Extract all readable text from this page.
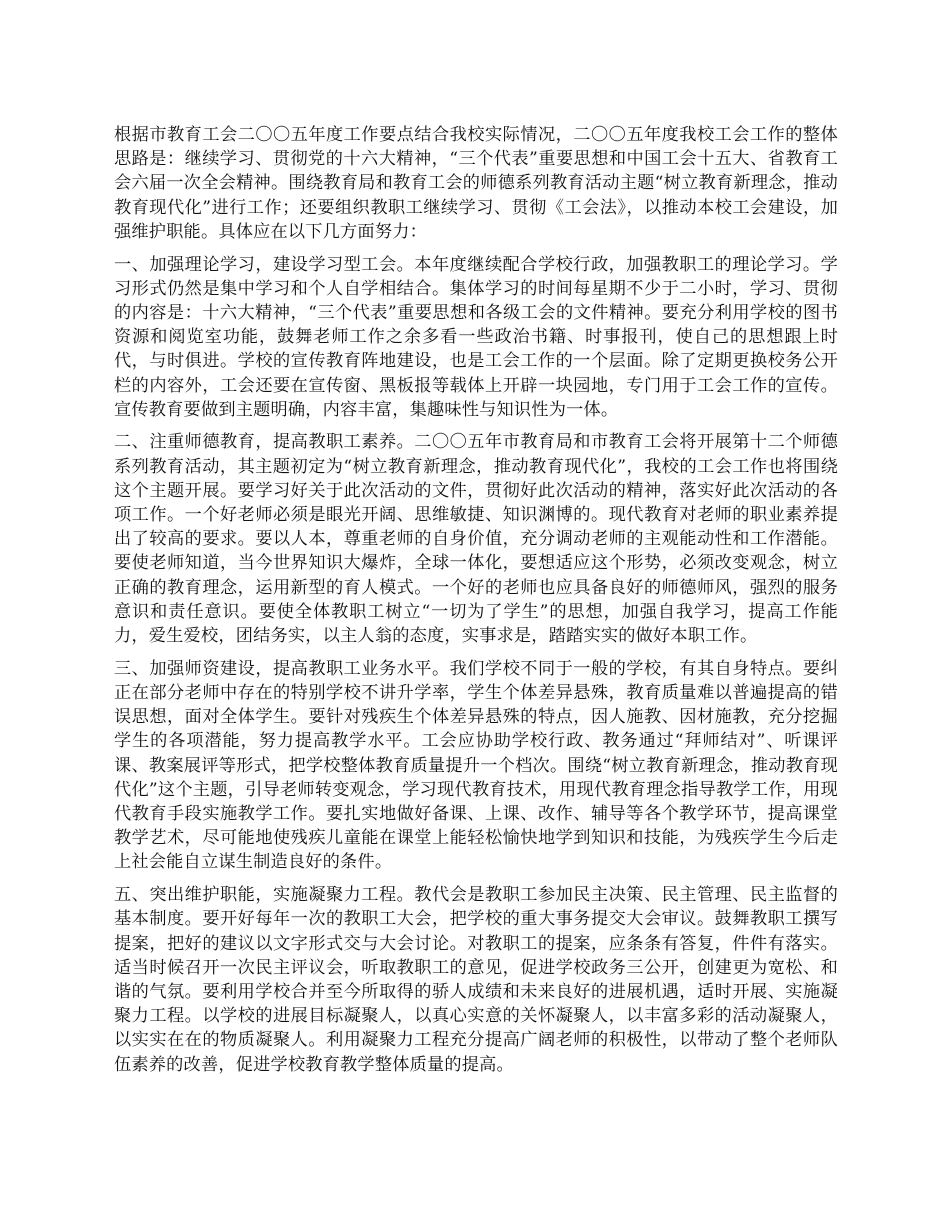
根据市教育工会二〇〇五年度工作要点结合我校实际情况，二〇〇五年度我校工会工作的整体思路是：继续学习、贯彻党的十六大精神，“三个代表”重要思想和中国工会十五大、省教育工会六届一次全会精神。围绕教育局和教育工会的师德系列教育活动主题“树立教育新理念，推动教育现代化”进行工作；还要组织教职工继续学习、贯彻《工会法》，以推动本校工会建设，加强维护职能。具体应在以下几方面努力：

一、加强理论学习，建设学习型工会。本年度继续配合学校行政，加强教职工的理论学习。学习形式仍然是集中学习和个人自学相结合。集体学习的时间每星期不少于二小时，学习、贯彻的内容是：十六大精神，“三个代表”重要思想和各级工会的文件精神。要充分利用学校的图书资源和阅览室功能，鼓舞老师工作之余多看一些政治书籍、时事报刊，使自己的思想跟上时代，与时俱进。学校的宣传教育阵地建设，也是工会工作的一个层面。除了定期更换校务公开栏的内容外，工会还要在宣传窗、黑板报等载体上开辟一块园地，专门用于工会工作的宣传。宣传教育要做到主题明确，内容丰富，集趣味性与知识性为一体。

二、注重师德教育，提高教职工素养。二〇〇五年市教育局和市教育工会将开展第十二个师德系列教育活动，其主题初定为“树立教育新理念，推动教育现代化”，我校的工会工作也将围绕这个主题开展。要学习好关于此次活动的文件，贯彻好此次活动的精神，落实好此次活动的各项工作。一个好老师必须是眼光开阔、思维敏捷、知识渊博的。现代教育对老师的职业素养提出了较高的要求。要以人本，尊重老师的自身价值，充分调动老师的主观能动性和工作潜能。要使老师知道，当今世界知识大爆炸，全球一体化，要想适应这个形势，必须改变观念，树立正确的教育理念，运用新型的育人模式。一个好的老师也应具备良好的师德师风，强烈的服务意识和责任意识。要使全体教职工树立“一切为了学生”的思想，加强自我学习，提高工作能力，爱生爱校，团结务实，以主人翁的态度，实事求是，踏踏实实的做好本职工作。

三、加强师资建设，提高教职工业务水平。我们学校不同于一般的学校，有其自身特点。要纠正在部分老师中存在的特别学校不讲升学率，学生个体差异悬殊，教育质量难以普遍提高的错误思想，面对全体学生。要针对残疾生个体差异悬殊的特点，因人施教、因材施教，充分挖掘学生的各项潜能，努力提高教学水平。工会应协助学校行政、教务通过“拜师结对”、听课评课、教案展评等形式，把学校整体教育质量提升一个档次。围绕“树立教育新理念，推动教育现代化”这个主题，引导老师转变观念，学习现代教育技术，用现代教育理念指导教学工作，用现代教育手段实施教学工作。要扎实地做好备课、上课、改作、辅导等各个教学环节，提高课堂教学艺术，尽可能地使残疾儿童能在课堂上能轻松愉快地学到知识和技能，为残疾学生今后走上社会能自立谋生制造良好的条件。

五、突出维护职能，实施凝聚力工程。教代会是教职工参加民主决策、民主管理、民主监督的基本制度。要开好每年一次的教职工大会，把学校的重大事务提交大会审议。鼓舞教职工撰写提案，把好的建议以文字形式交与大会讨论。对教职工的提案，应条条有答复，件件有落实。适当时候召开一次民主评议会，听取教职工的意见，促进学校政务三公开，创建更为宽松、和谐的气氛。要利用学校合并至今所取得的骄人成绩和未来良好的进展机遇，适时开展、实施凝聚力工程。以学校的进展目标凝聚人，以真心实意的关怀凝聚人，以丰富多彩的活动凝聚人，以实实在在的物质凝聚人。利用凝聚力工程充分提高广阔老师的积极性，以带动了整个老师队伍素养的改善，促进学校教育教学整体质量的提高。
